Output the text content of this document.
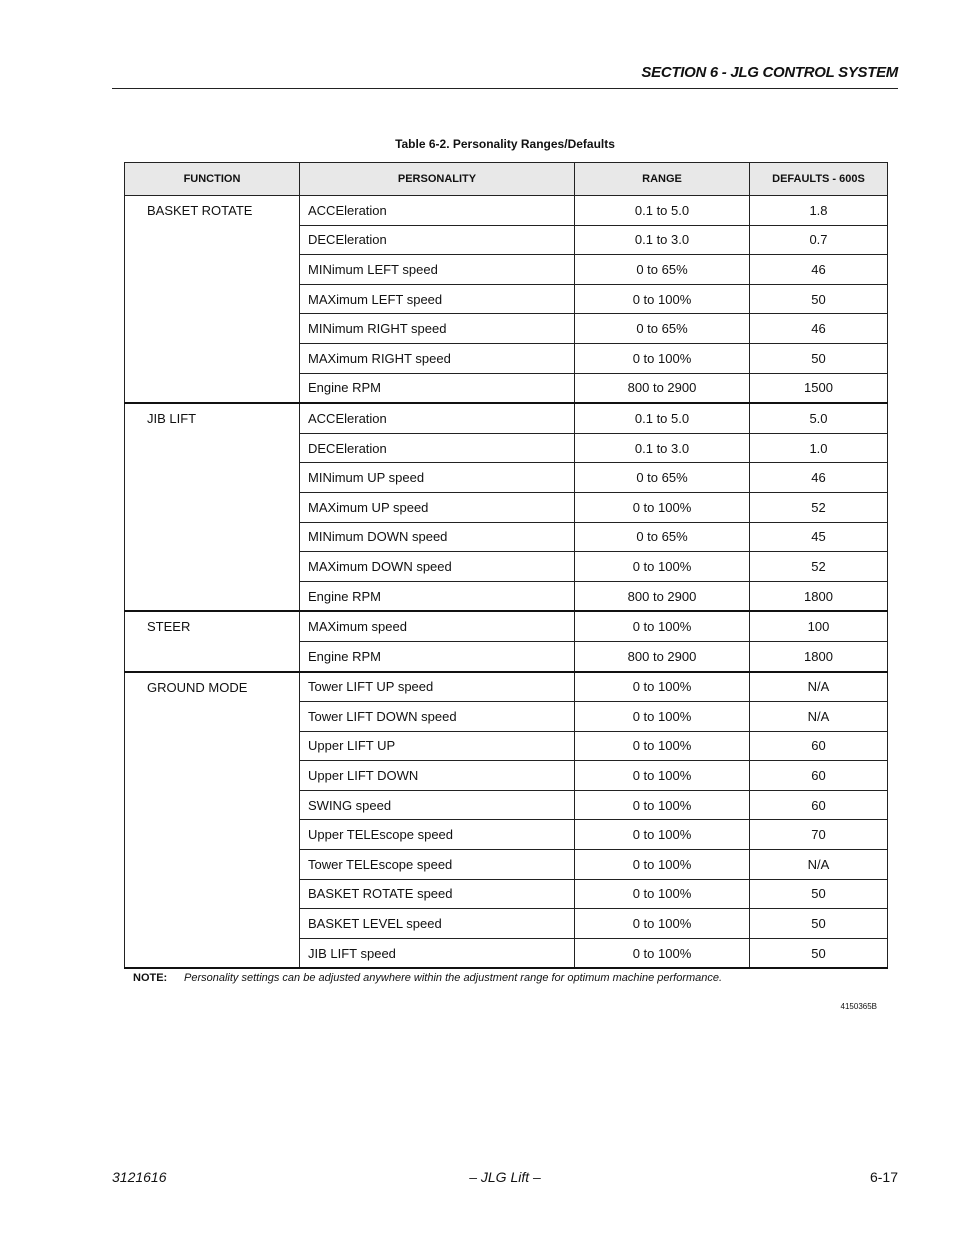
SECTION 6 - JLG CONTROL SYSTEM
Table 6-2. Personality Ranges/Defaults
FUNCTION	PERSONALITY	RANGE	DEFAULTS - 600S
BASKET ROTATE	ACCEleration	0.1 to 5.0	1.8
	DECEleration	0.1 to 3.0	0.7
	MINimum LEFT speed	0 to 65%	46
	MAXimum LEFT speed	0 to 100%	50
	MINimum RIGHT speed	0 to 65%	46
	MAXimum RIGHT speed	0 to 100%	50
	Engine RPM	800 to 2900	1500
JIB LIFT	ACCEleration	0.1 to 5.0	5.0
	DECEleration	0.1 to 3.0	1.0
	MINimum UP speed	0 to 65%	46
	MAXimum UP speed	0 to 100%	52
	MINimum DOWN speed	0 to 65%	45
	MAXimum DOWN speed	0 to 100%	52
	Engine RPM	800 to 2900	1800
STEER	MAXimum speed	0 to 100%	100
	Engine RPM	800 to 2900	1800
GROUND MODE	Tower LIFT UP speed	0 to 100%	N/A
	Tower LIFT DOWN speed	0 to 100%	N/A
	Upper LIFT UP	0 to 100%	60
	Upper LIFT DOWN	0 to 100%	60
	SWING speed	0 to 100%	60
	Upper TELEscope speed	0 to 100%	70
	Tower TELEscope speed	0 to 100%	N/A
	BASKET ROTATE speed	0 to 100%	50
	BASKET LEVEL speed	0 to 100%	50
	JIB LIFT speed	0 to 100%	50
NOTE: Personality settings can be adjusted anywhere within the adjustment range for optimum machine performance.
4150365B
3121616	– JLG Lift –	6-17
